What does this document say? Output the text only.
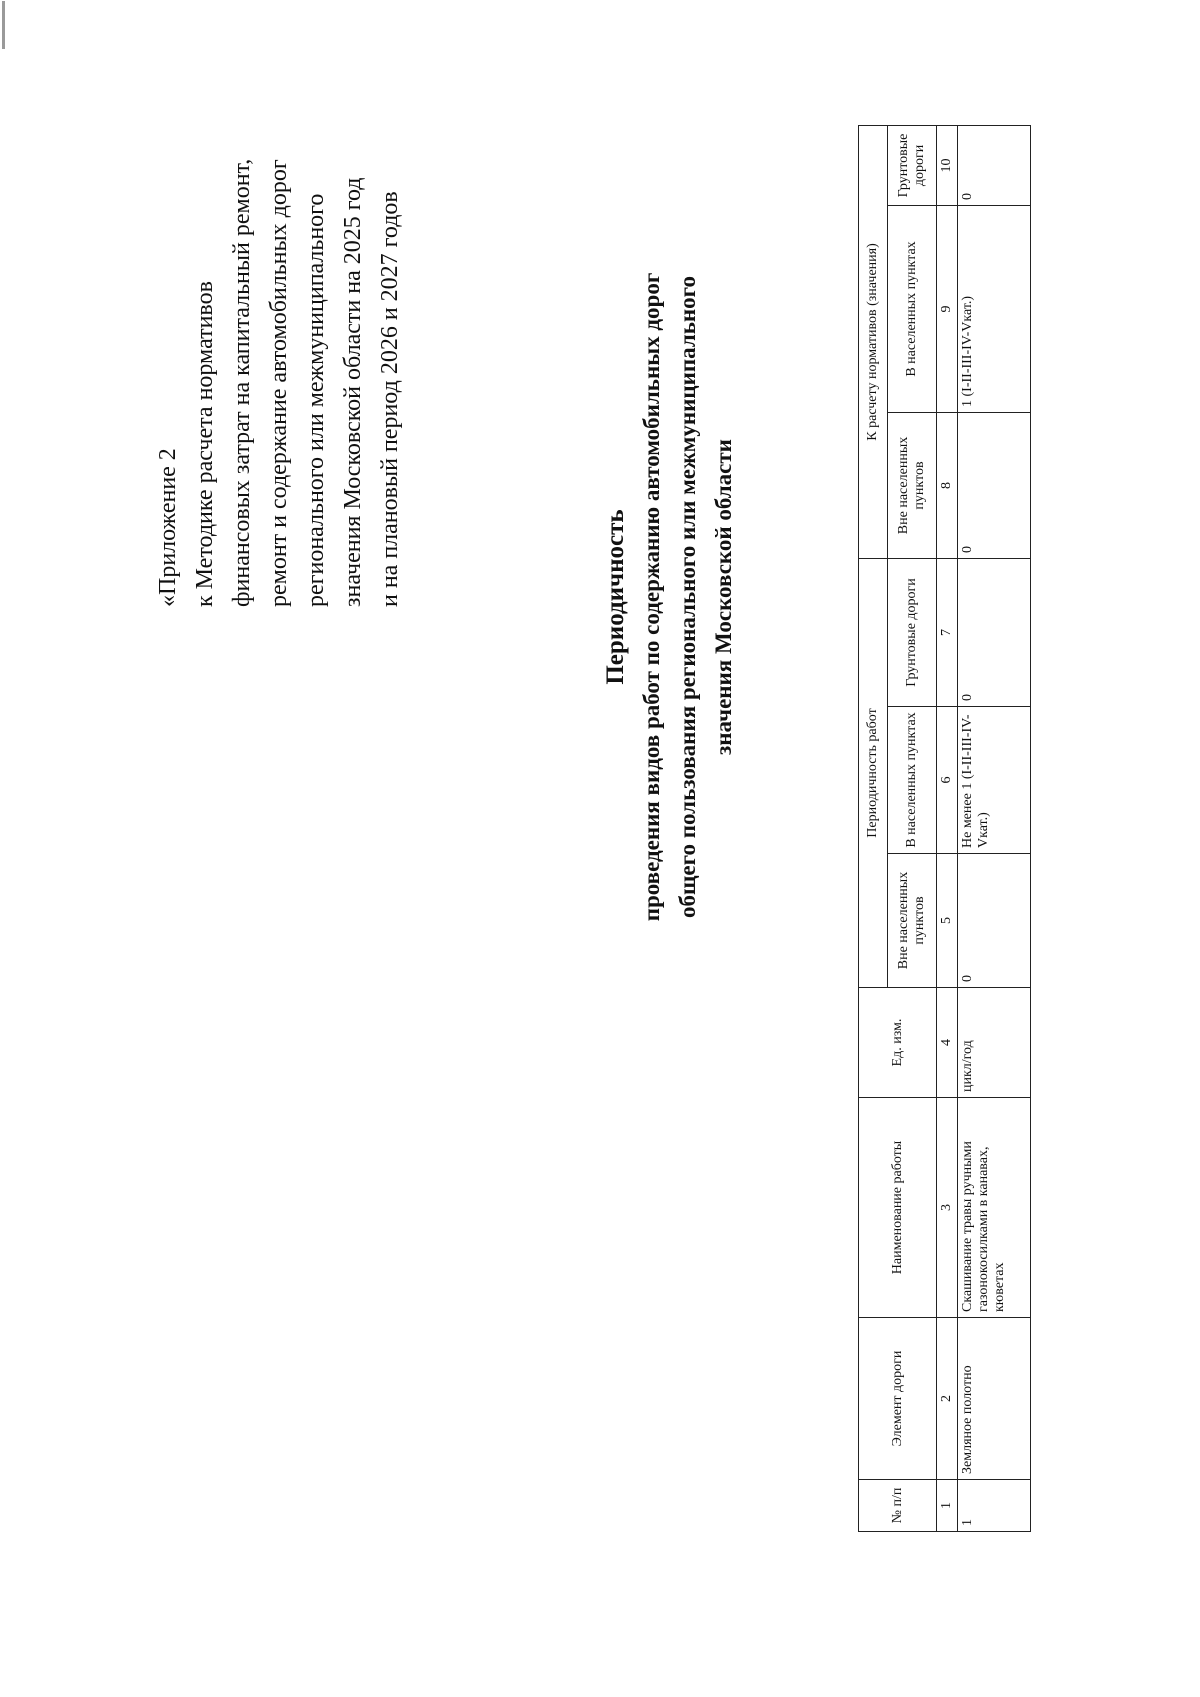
«Приложение 2 к Методике расчета нормативов финансовых затрат на капитальный ремонт, ремонт и содержание автомобильных дорог регионального или межмуниципального значения Московской области на 2025 год и на плановый период 2026 и 2027 годов	Периодичность проведения видов работ по содержанию автомобильных дорог общего пользования регионального или межмуниципального значения Московской области
№ п/п	Элемент дороги	Наименование работы	Ед. изм.	Периодичность работ			К расчету нормативов (значения)		
				Вне населенных пунктов	В населенных пунктах	Грунтовые дороги	Вне населенных пунктов	В населенных пунктах	Грунтовые дороги
1	2	3	4	5	6	7	8	9	10
1	Земляное полотно	Скашивание травы ручными газонокосилками в канавах, кюветах	цикл/год	0	Не менее 1 (I-II-III-IV-Vкат.)	0	0	1 (I-II-III-IV-Vкат.)	0
